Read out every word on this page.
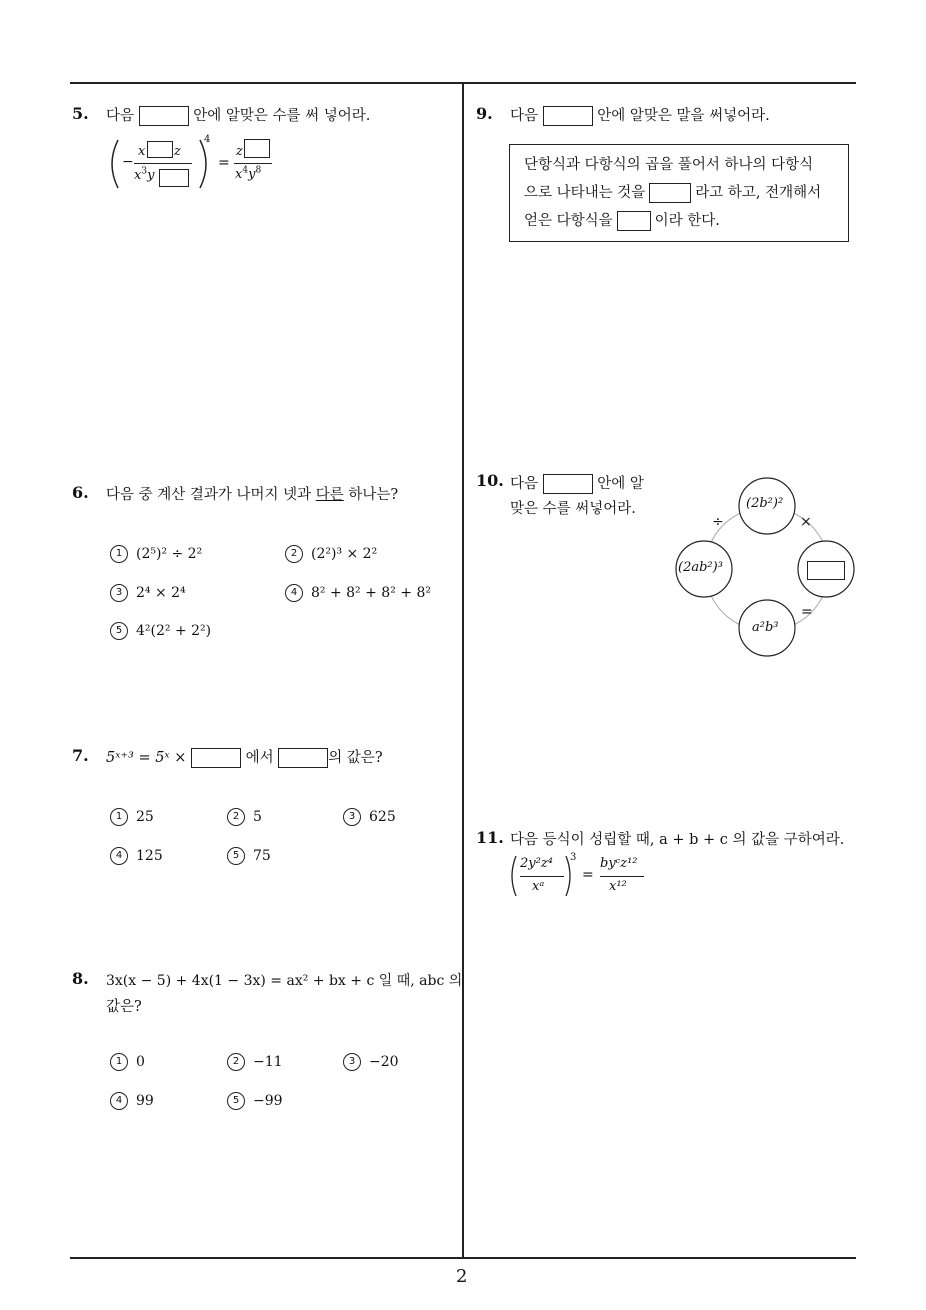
5. 다음	안에 알맞은 수를 써 넣어라.
−
x z
$x^3y$
4
=
z
$x^4y^8$
6. 다음 중 계산 결과가 나머지 넷과 다른 하나는?
1 (2⁵)² ÷ 2²	2 (2²)³ × 2²
3 2⁴ × 2⁴	4 8² + 8² + 8² + 8²
5 4²(2² + 2²)
7. 5ˣ⁺³ = 5ˣ ×	에서	의 값은?
1 25	2 5	3 625
4 125	5 75
8. 3x(x − 5) + 4x(1 − 3x) = ax² + bx + c 일 때, abc 의
값은?
1 0	2 −11	3 −20
4 99	5 −99
9. 다음	안에 알맞은 말을 써넣어라.
단항식과 다항식의 곱을 풀어서 하나의 다항식
으로 나타내는 것을	라고 하고, 전개해서
얻은 다항식을	이라 한다.
10. 다음	안에 알
맞은 수를 써넣어라.	(2b²)²
(2ab²)³
a²b³
÷	×
=
11. 다음 등식이 성립할 때, a + b + c 의 값을 구하여라.
2y²z⁴
xᵃ
3
=
byᶜz¹²
x¹²
2
